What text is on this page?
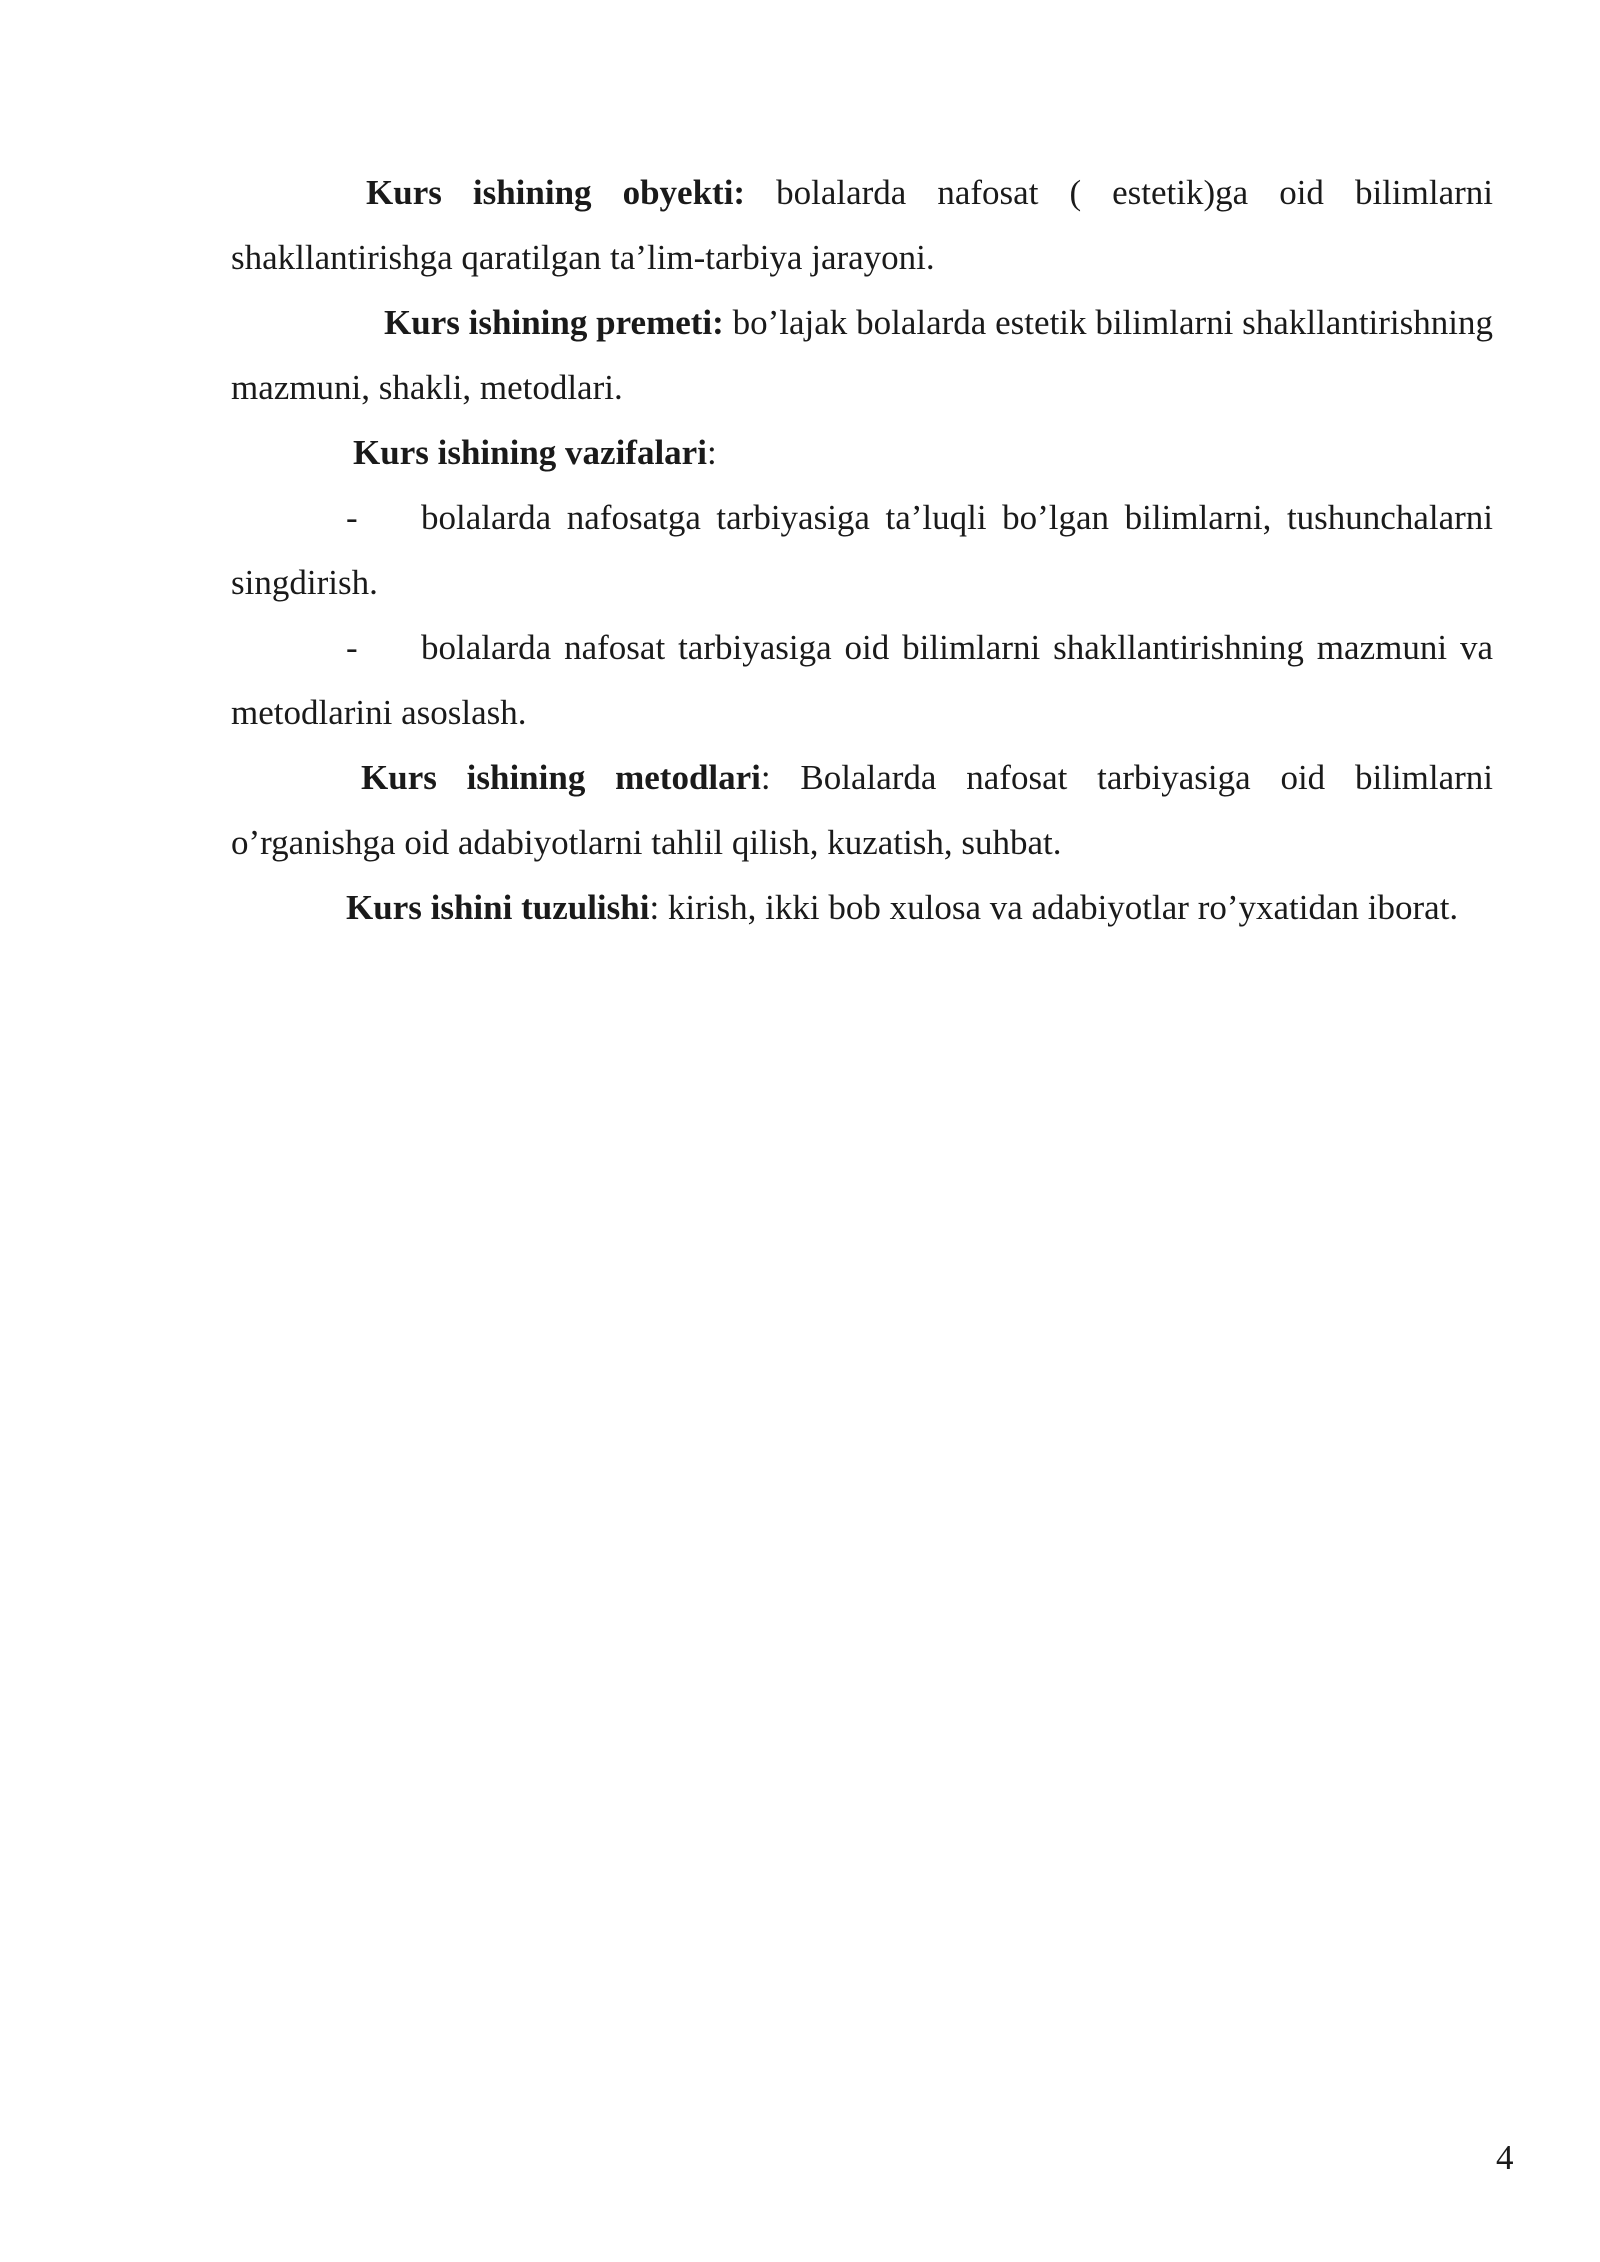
Kurs ishining obyekti: bolalarda nafosat ( estetik)ga oid bilimlarni shakllantirishga qaratilgan ta’lim-tarbiya jarayoni.

Kurs ishining premeti: bo’lajak bolalarda estetik bilimlarni shakllantirishning mazmuni, shakli, metodlari.

Kurs ishining vazifalari:

- bolalarda nafosatga tarbiyasiga ta’luqli bo’lgan bilimlarni, tushunchalarni singdirish.

- bolalarda nafosat tarbiyasiga oid bilimlarni shakllantirishning mazmuni va metodlarini asoslash.

Kurs ishining metodlari: Bolalarda nafosat tarbiyasiga oid bilimlarni o’rganishga oid adabiyotlarni tahlil qilish, kuzatish, suhbat.

Kurs ishini tuzulishi: kirish, ikki bob xulosa va adabiyotlar ro’yxatidan iborat.

4
